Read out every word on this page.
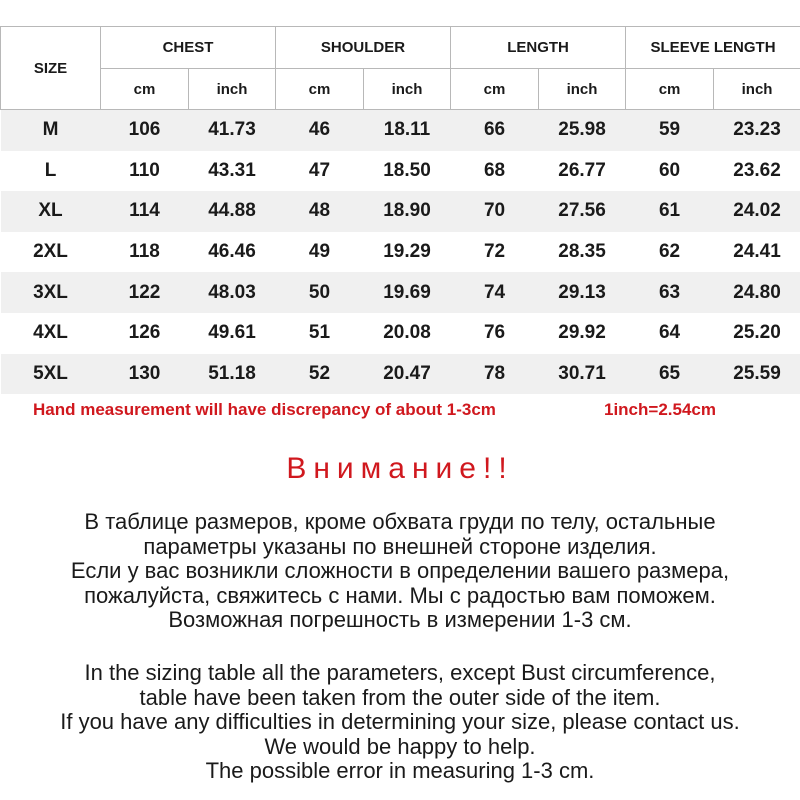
SIZE	CHEST		SHOULDER		LENGTH		SLEEVE LENGTH	
	cm	inch	cm	inch	cm	inch	cm	inch
M	106	41.73	46	18.11	66	25.98	59	23.23
L	110	43.31	47	18.50	68	26.77	60	23.62
XL	114	44.88	48	18.90	70	27.56	61	24.02
2XL	118	46.46	49	19.29	72	28.35	62	24.41
3XL	122	48.03	50	19.69	74	29.13	63	24.80
4XL	126	49.61	51	20.08	76	29.92	64	25.20
5XL	130	51.18	52	20.47	78	30.71	65	25.59
Hand measurement will have discrepancy of about 1-3cm	1inch=2.54cm
Внимание!!
В таблице размеров, кроме обхвата груди по телу, остальные
параметры указаны по внешней стороне изделия.
Если у вас возникли сложности в определении вашего размера,
пожалуйста, свяжитесь с нами. Мы с радостью вам поможем.
Возможная погрешность в измерении 1-3 см.
In the sizing table all the parameters, except Bust circumference,
table have been taken from the outer side of the item.
If you have any difficulties in determining your size, please contact us.
We would be happy to help.
The possible error in measuring 1-3 cm.
